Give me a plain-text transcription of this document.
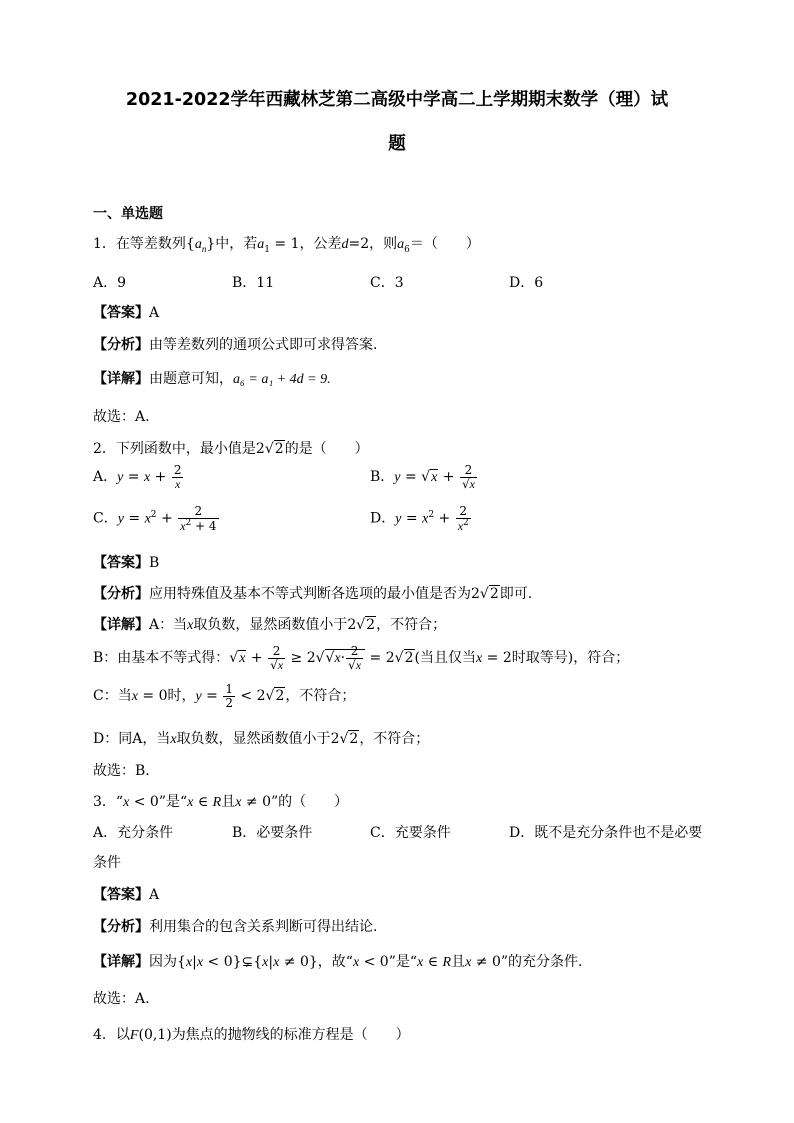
2021-2022学年西藏林芝第二高级中学高二上学期期末数学（理）试
题
一、单选题
1．在等差数列$\{a_n\}$中，若$a_1 = 1$，公差d=2，则$a_6=$（　　）
A．9	B．11	C．3	D．6
【答案】A
【分析】由等差数列的通项公式即可求得答案.
【详解】由题意可知，a₆ = a₁ + 4d = 9.
故选：A.
2．下列函数中，最小值是2√2的是（　　）
A．$y = x + \frac{2}{x}$	B．$y = √x + \frac{2}{√x}$
C．$y = x^2 + \frac{2}{x^2 + 4}$	D．$y = x^2 + \frac{2}{x^2}$
【答案】B
【分析】应用特殊值及基本不等式判断各选项的最小值是否为2√2即可.
【详解】A：当x取负数，显然函数值小于2√2，不符合；
B：由基本不等式得：$√x + \frac{2}{√x} \ge 2√√x\cdot \frac{2}{√x} = 2√2$(当且仅当x = 2时取等号)，符合；
C：当x = 0时，$y = \frac{1}{2} < 2√2$，不符合；
D：同A，当x取负数，显然函数值小于2√2，不符合；
故选：B.
3．“x < 0”是“x ∈ R且x ≠ 0”的（　　）
A．充分条件	B．必要条件	C．充要条件	D．既不是充分条件也不是必要
条件
【答案】A
【分析】利用集合的包含关系判断可得出结论.
【详解】因为{x|x < 0}⊊{x|x ≠ 0}，故“x < 0”是“x ∈ R且x ≠ 0”的充分条件.
故选：A.
4．以F(0,1)为焦点的抛物线的标准方程是（　　）
